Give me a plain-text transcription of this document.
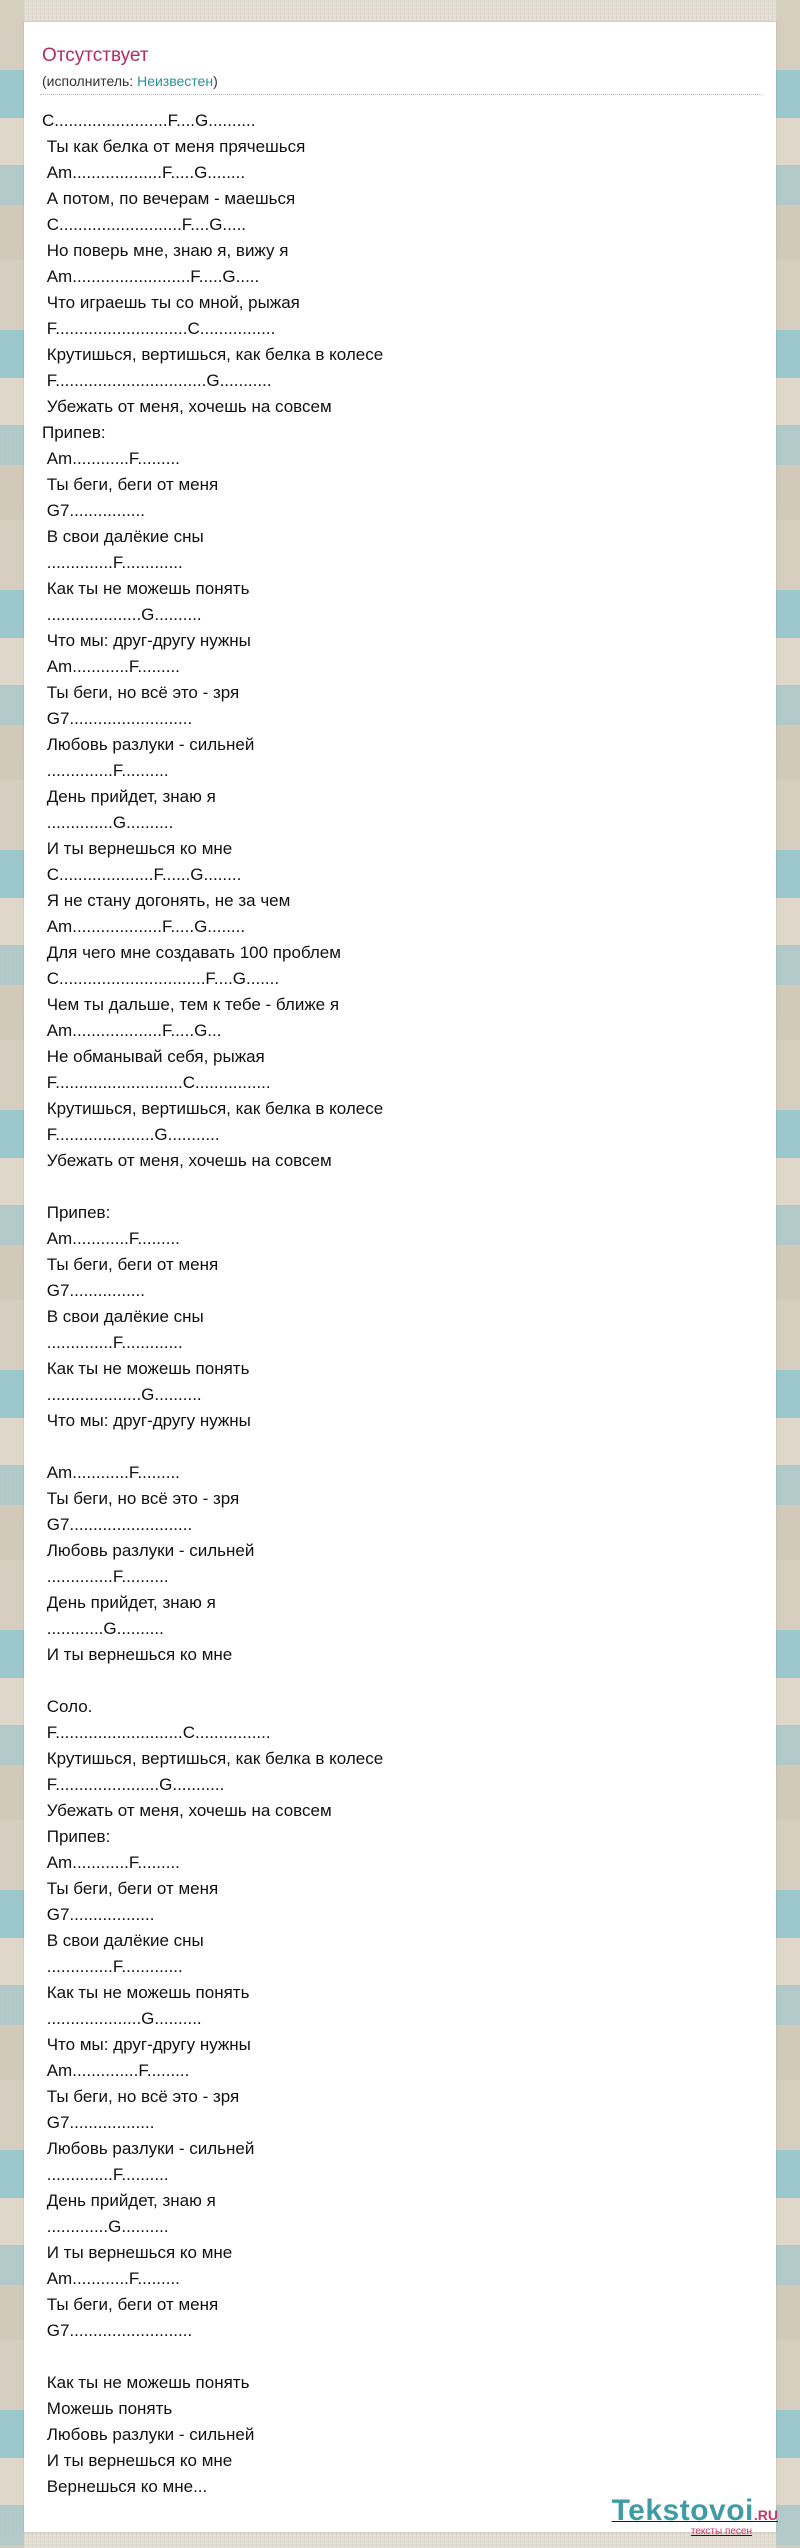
Отсутствует
(исполнитель: Неизвестен)
С........................F....G..........
Ты как белка от меня прячешься
Аm...................F.....G........
А потом, по вечерам - маешься
С..........................F....G.....
Но поверь мне, знаю я, вижу я
Аm.........................F.....G.....
Что играешь ты со мной, рыжая
F............................С................
Крутишься, вертишься, как белка в колесе
F................................G...........
Убежать от меня, хочешь на совсем
Припев:
Аm............F.........
Ты беги, беги от меня
G7................
В свои далёкие сны
..............F.............
Как ты не можешь понять
....................G..........
Что мы: друг-другу нужны
Аm............F.........
Ты беги, но всё это - зря
G7..........................
Любовь разлуки - сильней
..............F..........
День прийдет, знаю я
..............G..........
И ты вернешься ко мне
С....................F......G........
Я не стану догонять, не за чем
Аm...................F.....G........
Для чего мне создавать 100 проблем
С...............................F....G.......
Чем ты дальше, тем к тебе - ближе я
Аm...................F.....G...
Не обманывай себя, рыжая
F...........................С................
Крутишься, вертишься, как белка в колесе
F.....................G...........
Убежать от меня, хочешь на совсем
Припев:
Аm............F.........
Ты беги, беги от меня
G7................
В свои далёкие сны
..............F.............
Как ты не можешь понять
....................G..........
Что мы: друг-другу нужны
Аm............F.........
Ты беги, но всё это - зря
G7..........................
Любовь разлуки - сильней
..............F..........
День прийдет, знаю я
............G..........
И ты вернешься ко мне
Соло.
F...........................С................
Крутишься, вертишься, как белка в колесе
F......................G...........
Убежать от меня, хочешь на совсем
Припев:
Аm............F.........
Ты беги, беги от меня
G7..................
В свои далёкие сны
..............F.............
Как ты не можешь понять
....................G..........
Что мы: друг-другу нужны
Аm..............F.........
Ты беги, но всё это - зря
G7..................
Любовь разлуки - сильней
..............F..........
День прийдет, знаю я
.............G..........
И ты вернешься ко мне
Аm............F.........
Ты беги, беги от меня
G7..........................
Как ты не можешь понять
Можешь понять
Любовь разлуки - сильней
И ты вернешься ко мне
Вернешься ко мне...
Tekstovoi.RU
тексты песен
